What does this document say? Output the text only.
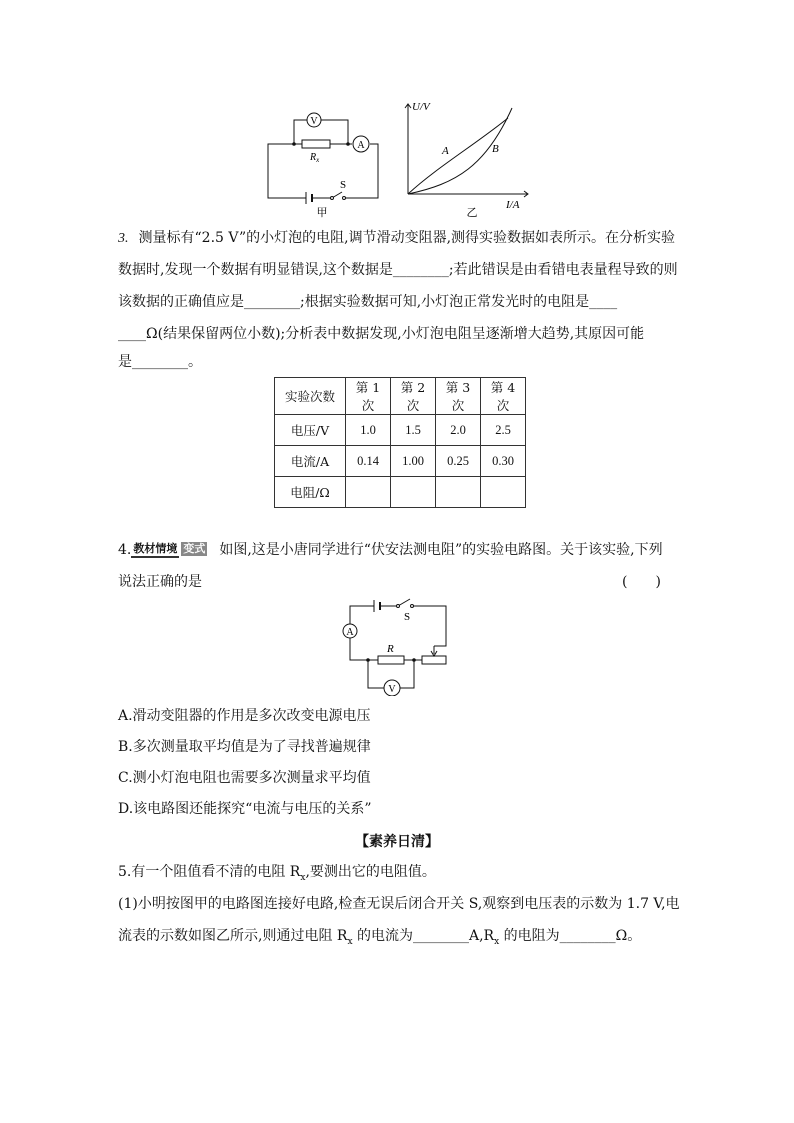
V
A
$R_x$
S
甲
U/V
I/A
A	B
乙
3. 测量标有“2.5 V”的小灯泡的电阻,调节滑动变阻器,测得实验数据如表所示。在分析实验
数据时,发现一个数据有明显错误,这个数据是________;若此错误是由看错电表量程导致的则
该数据的正确值应是________;根据实验数据可知,小灯泡正常发光时的电阻是____
____Ω(结果保留两位小数);分析表中数据发现,小灯泡电阻呈逐渐增大趋势,其原因可能
是________。
实验次数	第 1 次	第 2 次	第 3 次	第 4 次
电压/V	1.0	1.5	2.0	2.5
电流/A	0.14	1.00	0.25	0.30
电阻/Ω				
4. 教材情境 变式 如图,这是小唐同学进行“伏安法测电阻”的实验电路图。关于该实验,下列
说法正确的是	(　　)
A
V
R
S
A.滑动变阻器的作用是多次改变电源电压
B.多次测量取平均值是为了寻找普遍规律
C.测小灯泡电阻也需要多次测量求平均值
D.该电路图还能探究“电流与电压的关系”
【素养日清】
5.有一个阻值看不清的电阻 $R_x$,要测出它的电阻值。
(1)小明按图甲的电路图连接好电路,检查无误后闭合开关 S,观察到电压表的示数为 1.7 V,电
流表的示数如图乙所示,则通过电阻 $R_x$ 的电流为$\_\_\_\_\_\_\_\_A,R_x$ 的电阻为________Ω。
